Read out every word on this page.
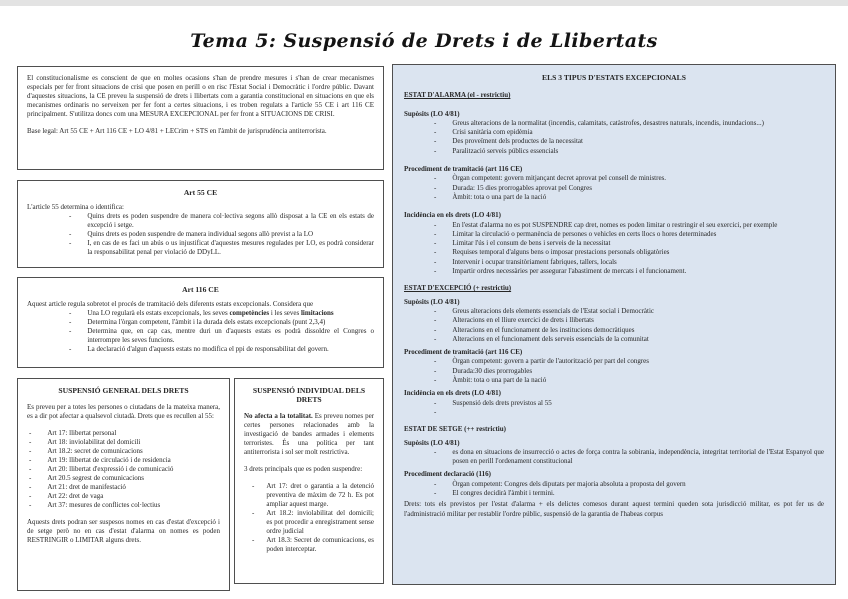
Tema 5: Suspensió de Drets i de Llibertats
El constitucionalisme es conscient de que en moltes ocasions s'han de prendre mesures i s'han de crear mecanismes especials per fer front situacions de crisi que posen en perill o en risc l'Estat Social i Democràtic i l'ordre públic. Davant d'aquestes situacions, la CE preveu la suspensió de drets i llibertats com a garantia constitucional en situacions en que els mecanismes ordinaris no serveixen per fer font a certes situacions, i es troben regulats a l'article 55 CE i art 116 CE principalment. S'utilitza doncs com una MESURA EXCEPCIONAL per fer front a SITUACIONS DE CRISI.
Base legal: Art 55 CE + Art 116 CE + LO 4/81 + LECrim + STS en l'àmbit de jurisprudència antiterrorista.
Art 55 CE
L'article 55 determina o identifica:
- Quins drets es poden suspendre de manera col·lectiva segons allò disposat a la CE en els estats de excepció i setge.
- Quins drets es poden suspendre de manera individual segons allò previst a la LO
- I, en cas de es faci un abús o us injustificat d'aquestes mesures regulades per LO, es podrà considerar la responsabilitat penal per violació de DDyLL.
Art 116 CE
Aquest article regula sobretot el procés de tramitació dels diferents estats excepcionals. Considera que
- Una LO regularà els estats excepcionals, les seves competències i les seves limitacions
- Determina l'òrgan competent, l'àmbit i la durada dels estats excepcionals (punt 2,3,4)
- Determina que, en cap cas, mentre duri un d'aquests estats es podrà dissoldre el Congres o interrompre les seves funcions.
- La declaració d'algun d'aquests estats no modifica el ppi de responsabilitat del govern.
SUSPENSIÓ GENERAL DELS DRETS
Es preveu per a totes les persones o ciutadans de la mateixa manera, es a dir pot afectar a qualsevol ciutadà. Drets que es recullen al 55:
- Art 17: llibertat personal
- Art 18: inviolabilitat del domicili
- Art 18.2: secret de comunicacions
- Art 19: llibertat de circulació i de residencia
- Art 20: llibertat d'expressió i de comunicació
- Art 20.5 segrest de comunicacions
- Art 21: dret de manifestació
- Art 22: dret de vaga
- Art 37: mesures de conflictes col·lectius
Aquests drets podran ser suspesos nomes en cas d'estat d'excepció i de setge però no en cas d'estat d'alarma on nomes es poden RESTRINGIR o LIMITAR alguns drets.
SUSPENSIÓ INDIVIDUAL DELS DRETS
No afecta a la totalitat. Es preveu nomes per certes persones relacionades amb la investigació de bandes armades i elements terroristes. És una política per tant antiterrorista i sol ser molt restrictiva.
3 drets principals que es poden suspendre:
- Art 17: dret o garantia a la detenció preventiva de màxim de 72 h. Es pot ampliar aquest marge.
- Art 18.2: inviolabilitat del domicili; es pot procedir a enregistrament sense ordre judicial
- Art 18.3: Secret de comunicacions, es poden interceptar.
ELS 3 TIPUS D'ESTATS EXCEPCIONALS
ESTAT D'ALARMA (el - restrictiu)
Supòsits (LO 4/81)
- Greus alteracions de la normalitat (incendis, calamitats, catàstrofes, desastres naturals, incendis, inundacions...)
- Crisi sanitària com epidèmia
- Des proveïment dels productes de la necessitat
- Paralització serveis públics essencials
Procediment de tramitació (art 116 CE)
- Òrgan competent: govern mitjançant decret aprovat pel consell de ministres.
- Durada: 15 dies prorrogables aprovat pel Congres
- Àmbit: tota o una part de la nació
Incidència en els drets (LO 4/81)
- En l'estat d'alarma no es pot SUSPENDRE cap dret, nomes es poden limitar o restringir el seu exercici, per exemple
- Limitar la circulació o permanència de persones o vehicles en certs llocs o hores determinades
- Limitar l'ús i el consum de bens i serveis de la necessitat
- Requises temporal d'alguns bens o imposar prestacions personals obligatòries
- Intervenir i ocupar transitòriament fabriques, tallers, locals
- Impartir ordres necessàries per assegurar l'abastiment de mercats i el funcionament.
ESTAT D'EXCEPCIÓ (+ restrictiu)
Supòsits (LO 4/81)
- Greus alteracions dels elements essencials de l'Estat social i Democràtic
- Alteracions en el lliure exercici de drets i llibertats
- Alteracions en el funcionament de les institucions democràtiques
- Alteracions en el funcionament dels serveis essencials de la comunitat
Procediment de tramitació (art 116 CE)
- Òrgan competent: govern a partir de l'autorització per part del congres
- Durada:30 dies prorrogables
- Àmbit: tota o una part de la nació
Incidència en els drets (LO 4/81)
- Suspensió dels drets previstos al 55
-
ESTAT DE SETGE (++ restrictiu)
Supòsits (LO 4/81)
- es dona en situacions de insurrecció o actes de força contra la sobirania, independència, integritat territorial de l'Estat Espanyol que posen en perill l'ordenament constitucional
Procediment declaració (116)
- Òrgan competent: Congres dels diputats per majoria absoluta a proposta del govern
- El congres decidirà l'àmbit i termini.
Drets: tots els previstos per l'estat d'alarma + els delictes comesos durant aquest termini queden sota jurisdicció militar, es pot fer us de l'administració militar per restablir l'ordre públic, suspensió de la garantia de l'habeas corpus
